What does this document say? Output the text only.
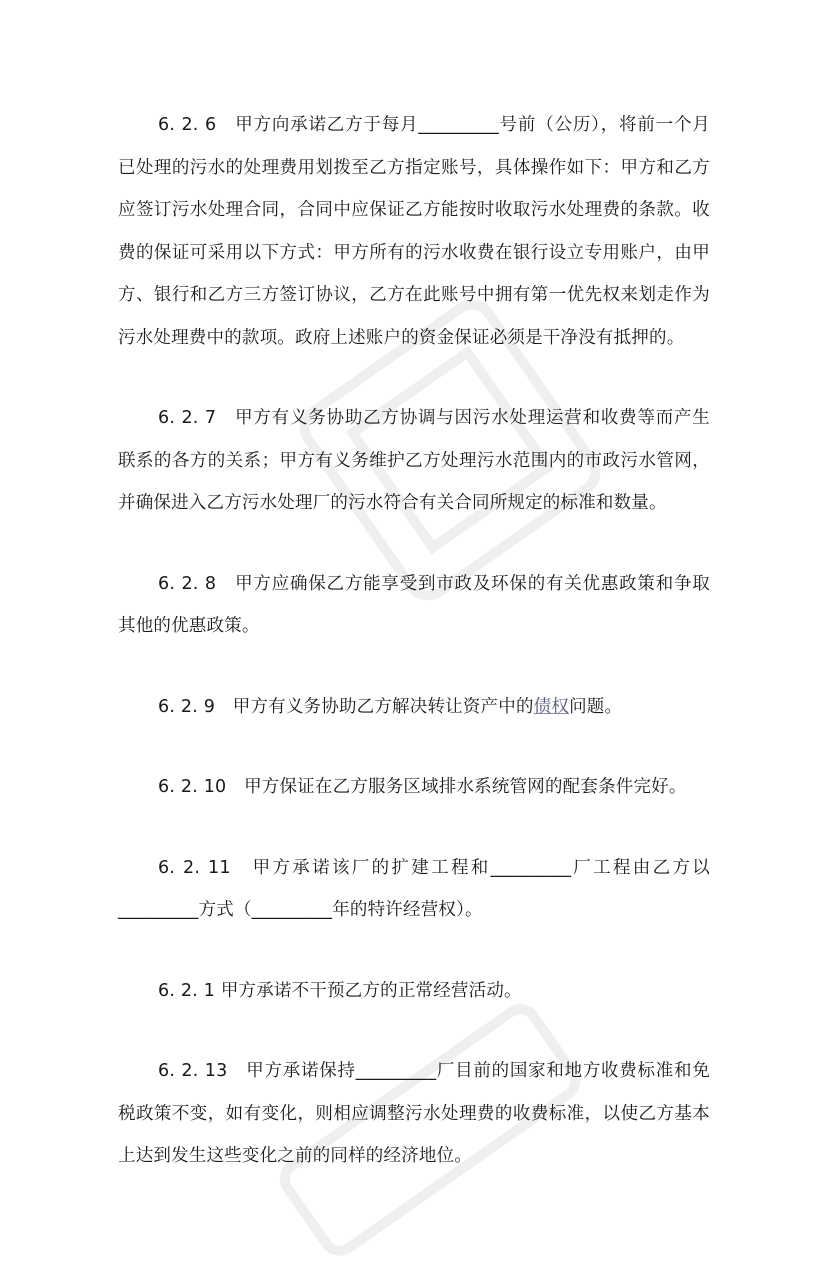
6. 2. 6　甲方向承诺乙方于每月_________号前（公历），将前一个月已处理的污水的处理费用划拨至乙方指定账号，具体操作如下：甲方和乙方应签订污水处理合同，合同中应保证乙方能按时收取污水处理费的条款。收费的保证可采用以下方式：甲方所有的污水收费在银行设立专用账户，由甲方、银行和乙方三方签订协议，乙方在此账号中拥有第一优先权来划走作为污水处理费中的款项。政府上述账户的资金保证必须是干净没有抵押的。

6. 2. 7　甲方有义务协助乙方协调与因污水处理运营和收费等而产生联系的各方的关系；甲方有义务维护乙方处理污水范围内的市政污水管网，并确保进入乙方污水处理厂的污水符合有关合同所规定的标准和数量。

6. 2. 8　甲方应确保乙方能享受到市政及环保的有关优惠政策和争取其他的优惠政策。

6. 2. 9　甲方有义务协助乙方解决转让资产中的债权问题。

6. 2. 10　甲方保证在乙方服务区域排水系统管网的配套条件完好。

6. 2. 11　甲方承诺该厂的扩建工程和_________厂工程由乙方以_________方式（_________年的特许经营权）。

6. 2. 1 甲方承诺不干预乙方的正常经营活动。

6. 2. 13　甲方承诺保持_________厂目前的国家和地方收费标准和免税政策不变，如有变化，则相应调整污水处理费的收费标准，以使乙方基本上达到发生这些变化之前的同样的经济地位。
